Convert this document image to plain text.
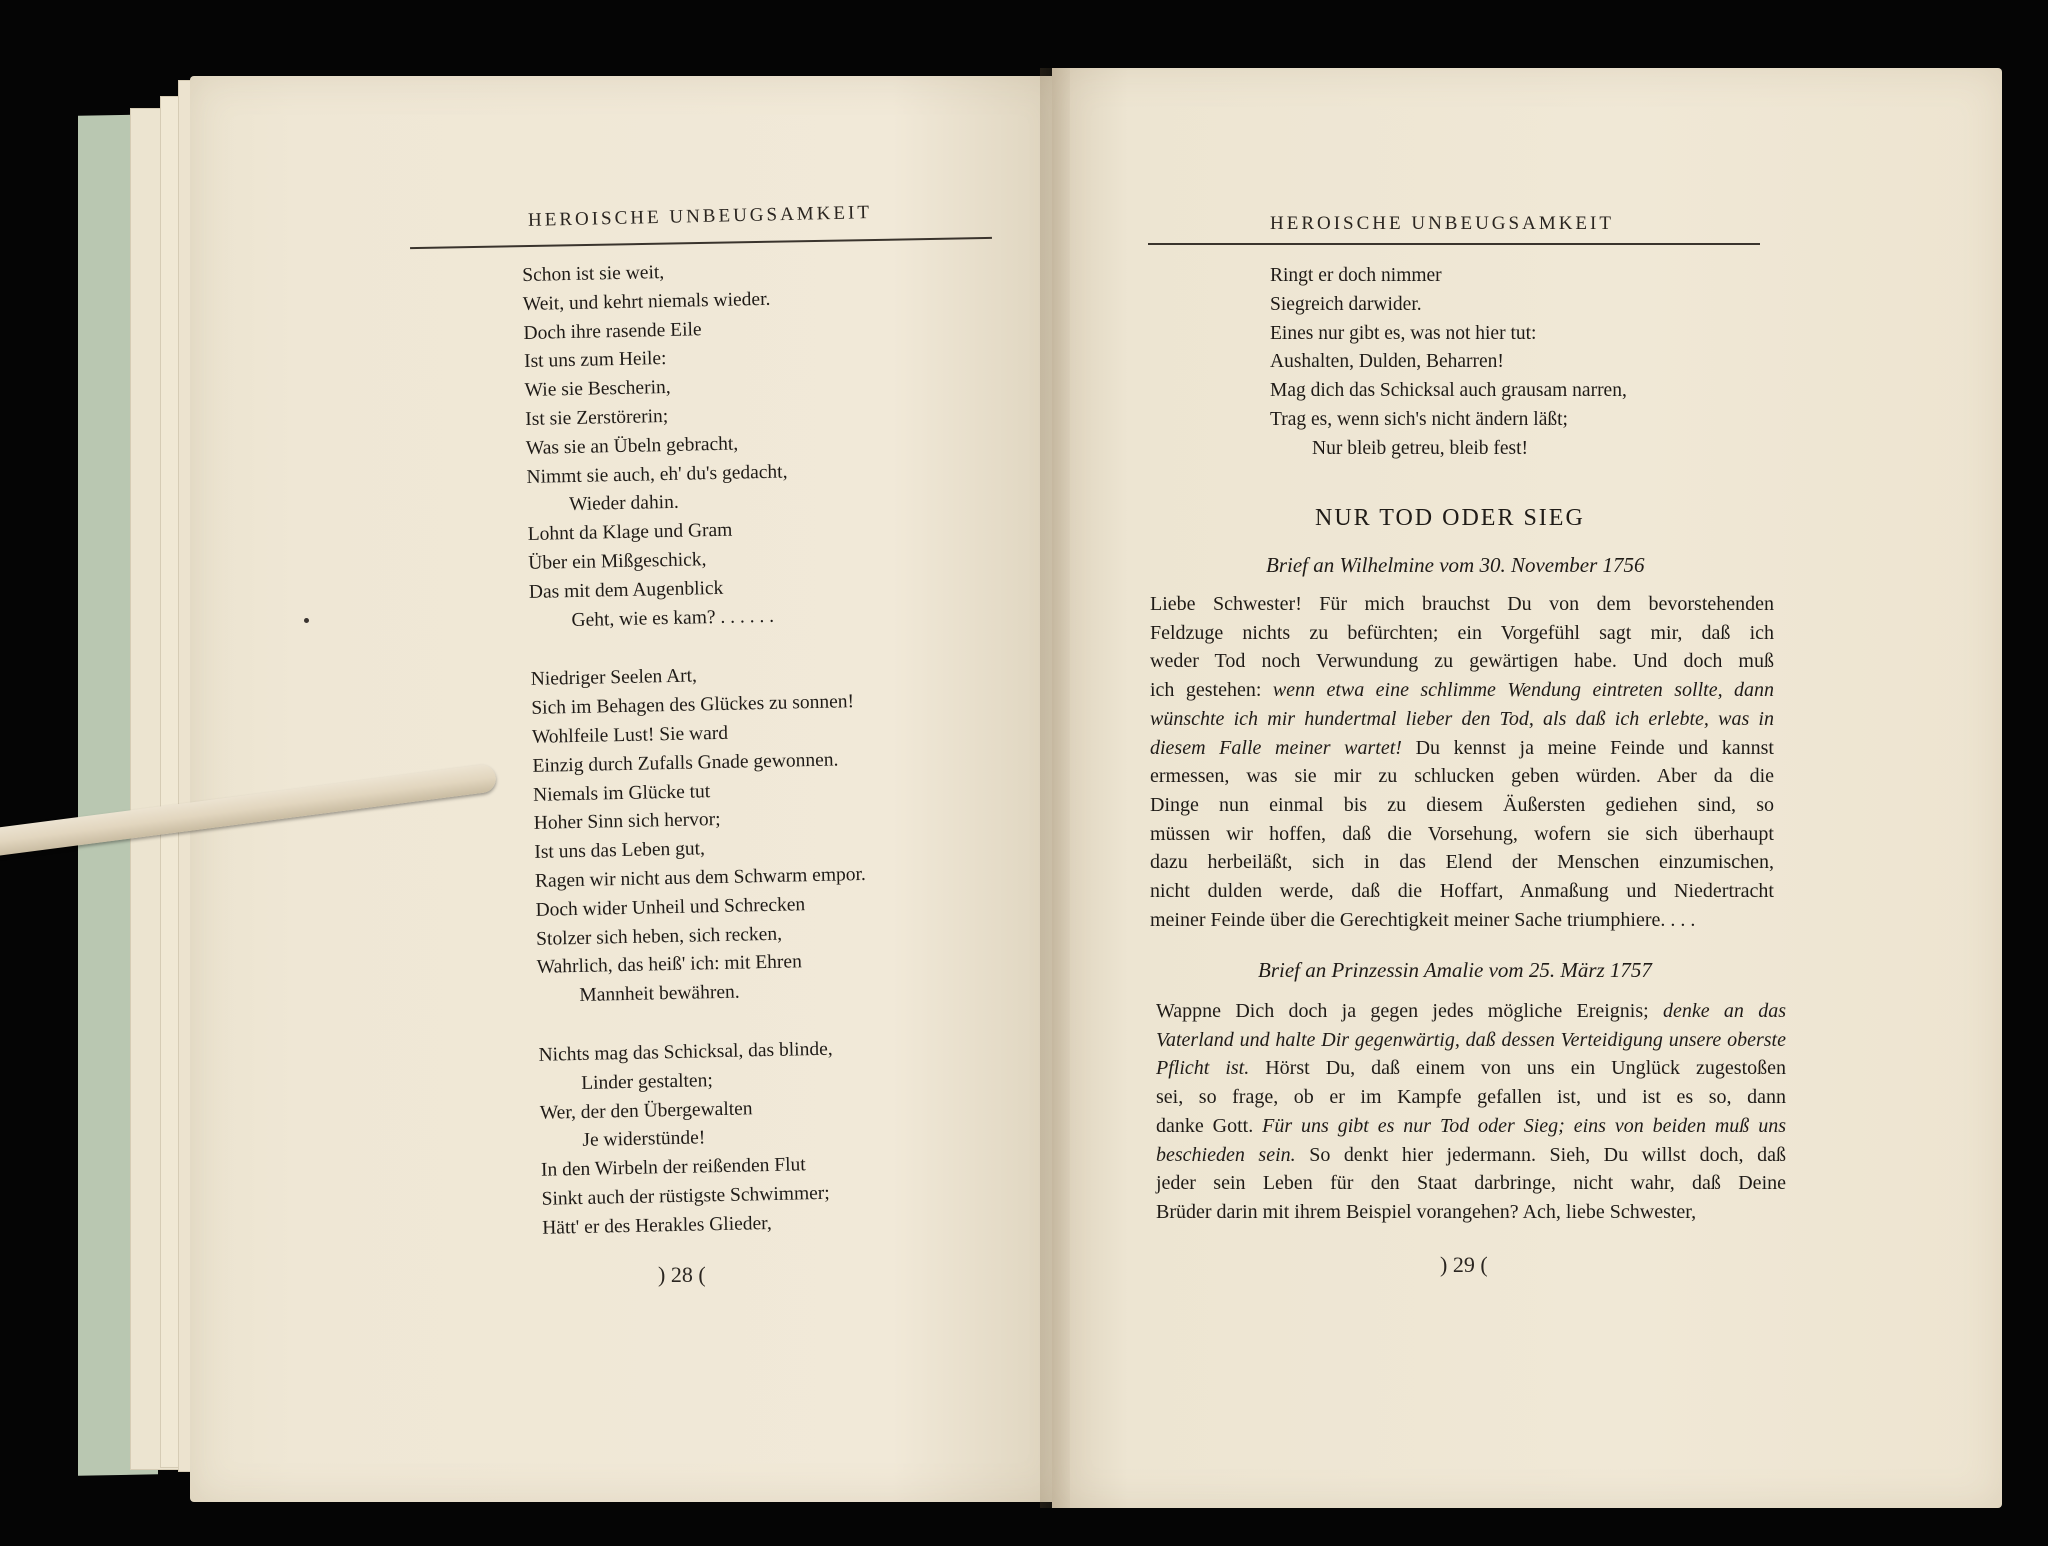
HEROISCHE UNBEUGSAMKEIT
Schon ist sie weit,
Weit, und kehrt niemals wieder.
Doch ihre rasende Eile
Ist uns zum Heile:
Wie sie Bescherin,
Ist sie Zerstörerin;
Was sie an Übeln gebracht,
Nimmt sie auch, eh' du's gedacht,
Wieder dahin.
Lohnt da Klage und Gram
Über ein Mißgeschick,
Das mit dem Augenblick
Geht, wie es kam? . . . . . .
Niedriger Seelen Art,
Sich im Behagen des Glückes zu sonnen!
Wohlfeile Lust! Sie ward
Einzig durch Zufalls Gnade gewonnen.
Niemals im Glücke tut
Hoher Sinn sich hervor;
Ist uns das Leben gut,
Ragen wir nicht aus dem Schwarm empor.
Doch wider Unheil und Schrecken
Stolzer sich heben, sich recken,
Wahrlich, das heiß' ich: mit Ehren
Mannheit bewähren.
Nichts mag das Schicksal, das blinde,
Linder gestalten;
Wer, der den Übergewalten
Je widerstünde!
In den Wirbeln der reißenden Flut
Sinkt auch der rüstigste Schwimmer;
Hätt' er des Herakles Glieder,
) 28 (
HEROISCHE UNBEUGSAMKEIT
Ringt er doch nimmer
Siegreich darwider.
Eines nur gibt es, was not hier tut:
Aushalten, Dulden, Beharren!
Mag dich das Schicksal auch grausam narren,
Trag es, wenn sich's nicht ändern läßt;
Nur bleib getreu, bleib fest!
NUR TOD ODER SIEG
Brief an Wilhelmine vom 30. November 1756
Liebe Schwester! Für mich brauchst Du von dem bevorstehenden
Feldzuge nichts zu befürchten; ein Vorgefühl sagt mir, daß ich
weder Tod noch Verwundung zu gewärtigen habe. Und doch muß
ich gestehen: wenn etwa eine schlimme Wendung eintreten sollte, dann
wünschte ich mir hundertmal lieber den Tod, als daß ich erlebte, was in
diesem Falle meiner wartet! Du kennst ja meine Feinde und kannst
ermessen, was sie mir zu schlucken geben würden. Aber da die
Dinge nun einmal bis zu diesem Äußersten gediehen sind, so
müssen wir hoffen, daß die Vorsehung, wofern sie sich überhaupt
dazu herbeiläßt, sich in das Elend der Menschen einzumischen,
nicht dulden werde, daß die Hoffart, Anmaßung und Niedertracht
meiner Feinde über die Gerechtigkeit meiner Sache triumphiere. . . .
Brief an Prinzessin Amalie vom 25. März 1757
Wappne Dich doch ja gegen jedes mögliche Ereignis; denke an das
Vaterland und halte Dir gegenwärtig, daß dessen Verteidigung unsere oberste
Pflicht ist. Hörst Du, daß einem von uns ein Unglück zugestoßen
sei, so frage, ob er im Kampfe gefallen ist, und ist es so, dann
danke Gott. Für uns gibt es nur Tod oder Sieg; eins von beiden muß uns
beschieden sein. So denkt hier jedermann. Sieh, Du willst doch, daß
jeder sein Leben für den Staat darbringe, nicht wahr, daß Deine
Brüder darin mit ihrem Beispiel vorangehen? Ach, liebe Schwester,
) 29 (
